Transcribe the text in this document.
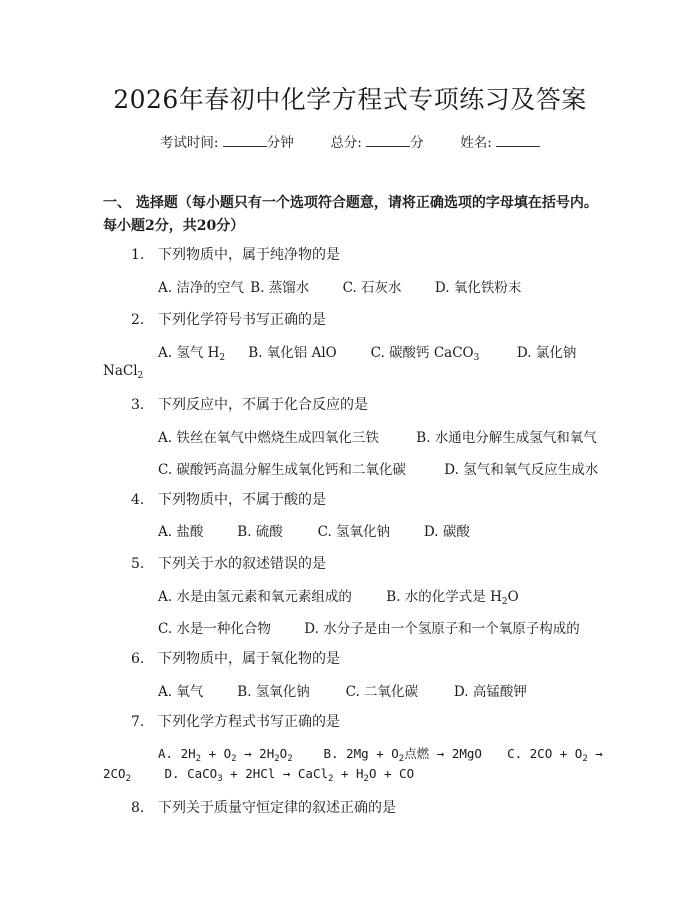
2026年春初中化学方程式专项练习及答案
考试时间:	分钟	总分:	分	姓名:
一、 选择题（每小题只有一个选项符合题意，请将正确选项的字母填在括号内。
每小题2分，共20分）
1. 下列物质中，属于纯净物的是
A. 洁净的空气 B. 蒸馏水 C. 石灰水 D. 氧化铁粉末
2. 下列化学符号书写正确的是
A. 氢气 $H_2$ B. 氧化铝 AlO	C. 碳酸钙 CaCO$_3$	D. 氯化钠
NaCl$_2$
3. 下列反应中，不属于化合反应的是
A. 铁丝在氧气中燃烧生成四氧化三铁	B. 水通电分解生成氢气和氧气
C. 碳酸钙高温分解生成氧化钙和二氧化碳	D. 氢气和氧气反应生成水
4. 下列物质中，不属于酸的是
A. 盐酸	B. 硫酸	C. 氢氧化钠	D. 碳酸
5. 下列关于水的叙述错误的是
A. 水是由氢元素和氧元素组成的	B. 水的化学式是 $H_2O$
C. 水是一种化合物 D. 水分子是由一个氢原子和一个氧原子构成的
6. 下列物质中，属于氧化物的是
A. 氧气	B. 氢氧化钠	C. 二氧化碳	D. 高锰酸钾
7. 下列化学方程式书写正确的是
A. $2H_2 + O_2 \to 2H_2O_2$ B. $2Mg + O_2$点燃 → 2MgO C. $2CO + O_2$ →
$2CO_2$	D. CaCO$_3$ + 2HCl → CaCl$_2$ + $H_2O$ + CO
8. 下列关于质量守恒定律的叙述正确的是
